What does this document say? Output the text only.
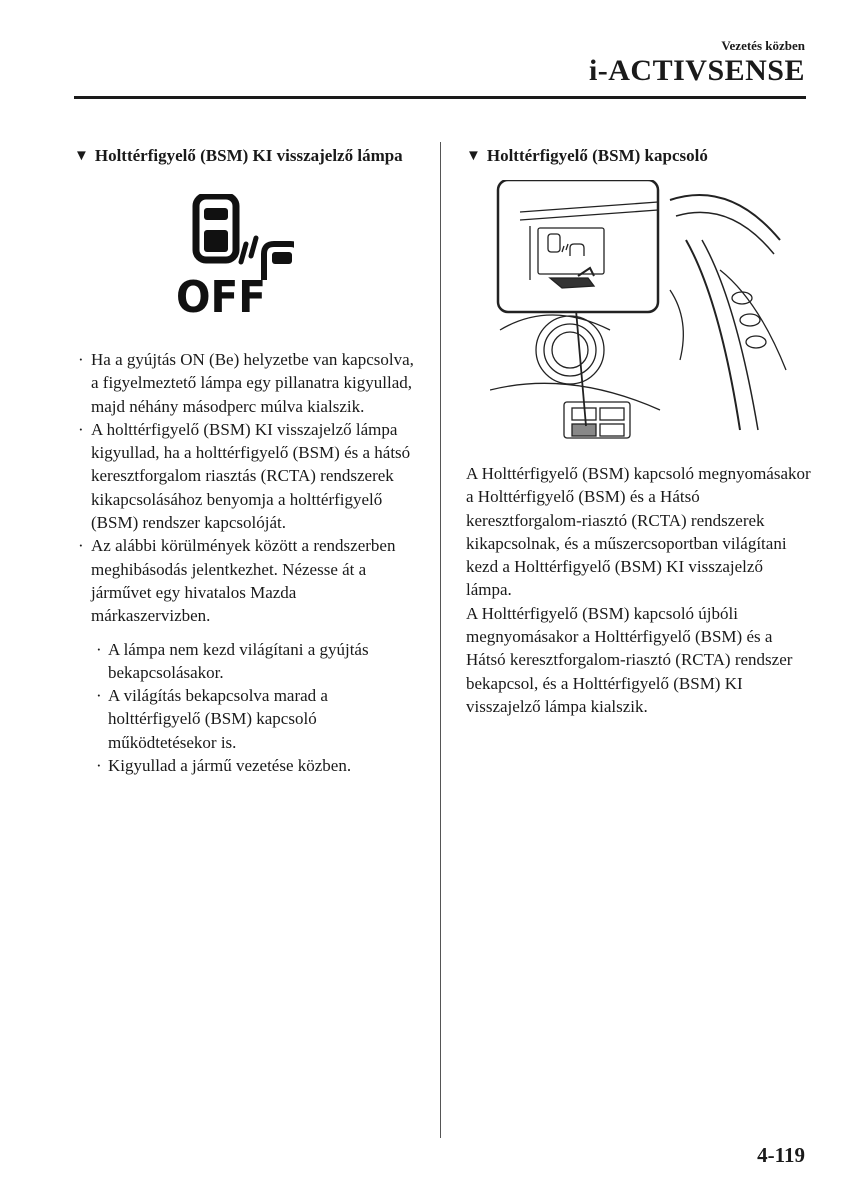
Vezetés közben
i-ACTIVSENSE
▼ Holttérfigyelő (BSM) KI visszajelző lámpa
OFF
· Ha a gyújtás ON (Be) helyzetbe van kapcsolva, a figyelmeztető lámpa egy pillanatra kigyullad, majd néhány másodperc múlva kialszik.
· A holttérfigyelő (BSM) KI visszajelző lámpa kigyullad, ha a holttérfigyelő (BSM) és a hátsó keresztforgalom riasztás (RCTA) rendszerek kikapcsolásához benyomja a holttérfigyelő (BSM) rendszer kapcsolóját.
· Az alábbi körülmények között a rendszerben meghibásodás jelentkezhet. Nézesse át a járművet egy hivatalos Mazda márkaszervizben.
· A lámpa nem kezd világítani a gyújtás bekapcsolásakor.
· A világítás bekapcsolva marad a holttérfigyelő (BSM) kapcsoló működtetésekor is.
· Kigyullad a jármű vezetése közben.
▼ Holttérfigyelő (BSM) kapcsoló

A Holttérfigyelő (BSM) kapcsoló megnyomásakor a Holttérfigyelő (BSM) és a Hátsó keresztforgalom-riasztó (RCTA) rendszerek kikapcsolnak, és a műszercsoportban világítani kezd a Holttérfigyelő (BSM) KI visszajelző lámpa.

A Holttérfigyelő (BSM) kapcsoló újbóli megnyomásakor a Holttérfigyelő (BSM) és a Hátsó keresztforgalom-riasztó (RCTA) rendszer bekapcsol, és a Holttérfigyelő (BSM) KI visszajelző lámpa kialszik.

4-119
